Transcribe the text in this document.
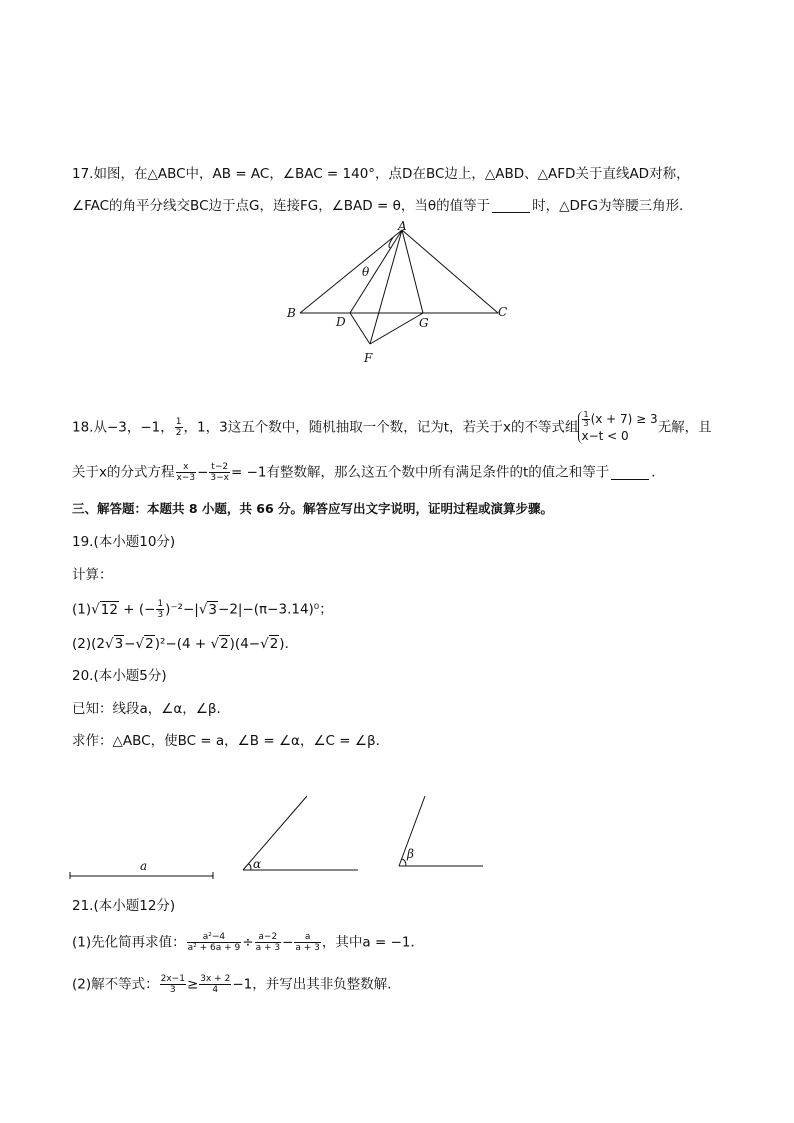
17.如图，在△ABC中，AB = AC，∠BAC = 140°，点D在BC边上，△ABD、△AFD关于直线AD对称，
∠FAC的角平分线交BC边于点G，连接FG，∠BAD = θ，当θ的值等于	时，△DFG为等腰三角形．
A
B	C
D	G
F
θ
18.从−3，−1， $\frac{1}{2}$ ，1，3这五个数中，随机抽取一个数，记为t，若关于x的不等式组 $\frac{1}{3} (x + 7) \ge 3$
x−t < 0
无解，且
关于x的分式方程 $\frac{x}{x-3} - \frac{t-2}{3-x} = -1$有整数解，那么这五个数中所有满足条件的t的值之和等于	．
三、解答题：本题共 8 小题，共 66 分。解答应写出文字说明，证明过程或演算步骤。
19.(本小题10分)
计算：
(1)√12 + (− $\frac{1}{3} )^{-2}-|√3-2|-(\pi-3.14)^0$；
(2)(2√3−√2)²−(4 + √2)(4−√2)．
20.(本小题5分)
已知：线段a，∠α，∠β．
求作：△ABC，使BC = a，∠B = ∠α，∠C = ∠β．
a	α
β
21.(本小题12分)
(1)先化简再求值： $\frac{\text{a²−4}}{\text{a² + 6a + 9}} \div \frac{a-2}{a + 3} - \frac{a}{a + 3}$ ，其中a = −1．
(2)解不等式： $\frac{2x-1}{3} \ge \frac{3x + 2}{4} -1$，并写出其非负整数解．
